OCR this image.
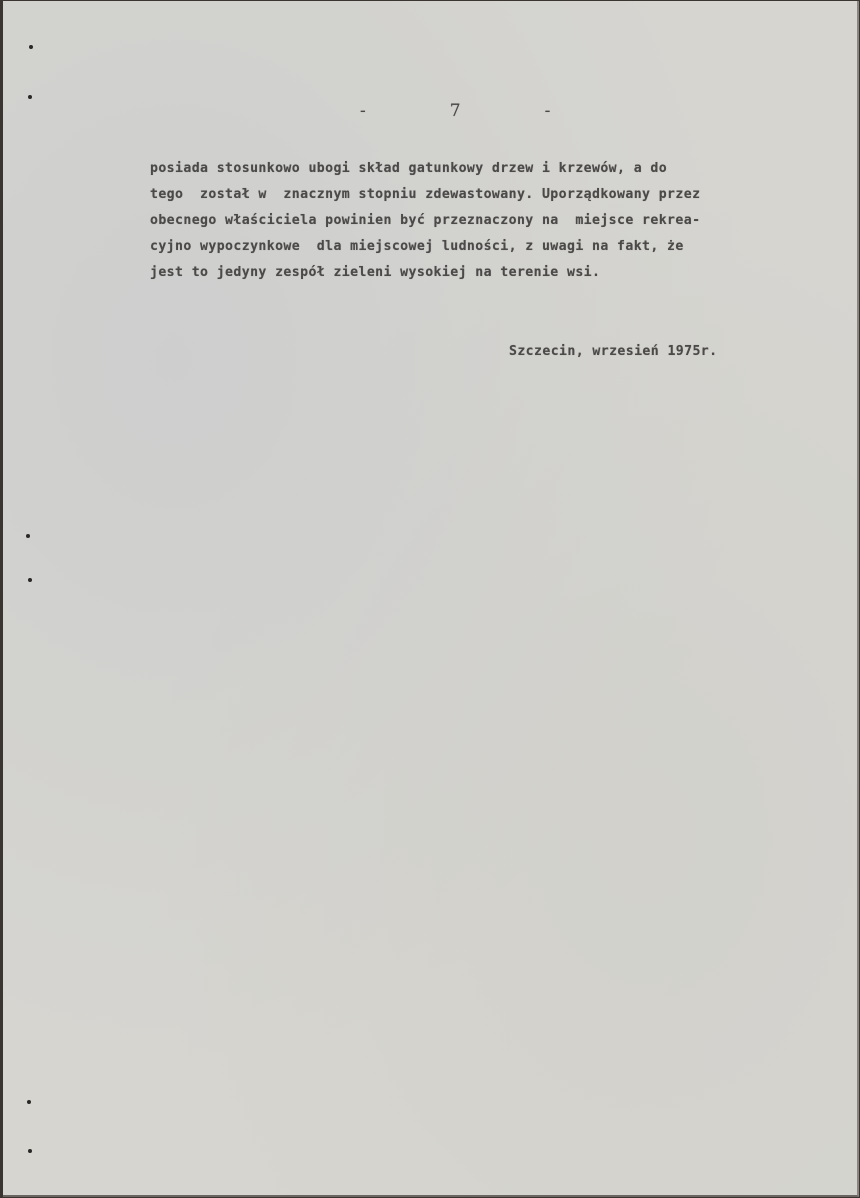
-  7  -
posiada stosunkowo ubogi skład gatunkowy drzew i krzewów, a do
tego  został w  znacznym stopniu zdewastowany. Uporządkowany przez
obecnego właściciela powinien być przeznaczony na  miejsce rekrea-
cyjno wypoczynkowe  dla miejscowej ludności, z uwagi na fakt, że
jest to jedyny zespół zieleni wysokiej na terenie wsi.
Szczecin, wrzesień 1975r.
